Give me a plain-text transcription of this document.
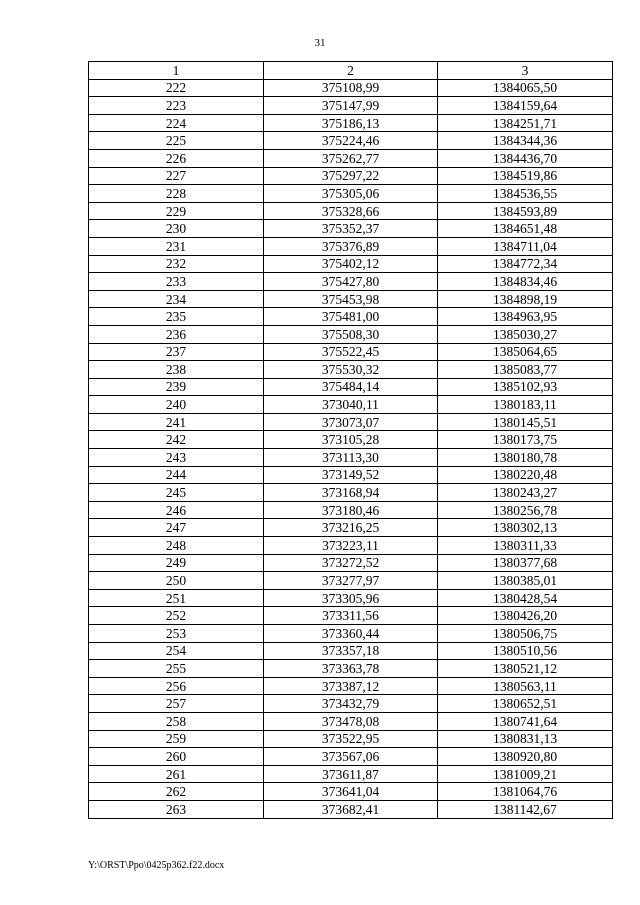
31
1	2	3
222	375108,99	1384065,50
223	375147,99	1384159,64
224	375186,13	1384251,71
225	375224,46	1384344,36
226	375262,77	1384436,70
227	375297,22	1384519,86
228	375305,06	1384536,55
229	375328,66	1384593,89
230	375352,37	1384651,48
231	375376,89	1384711,04
232	375402,12	1384772,34
233	375427,80	1384834,46
234	375453,98	1384898,19
235	375481,00	1384963,95
236	375508,30	1385030,27
237	375522,45	1385064,65
238	375530,32	1385083,77
239	375484,14	1385102,93
240	373040,11	1380183,11
241	373073,07	1380145,51
242	373105,28	1380173,75
243	373113,30	1380180,78
244	373149,52	1380220,48
245	373168,94	1380243,27
246	373180,46	1380256,78
247	373216,25	1380302,13
248	373223,11	1380311,33
249	373272,52	1380377,68
250	373277,97	1380385,01
251	373305,96	1380428,54
252	373311,56	1380426,20
253	373360,44	1380506,75
254	373357,18	1380510,56
255	373363,78	1380521,12
256	373387,12	1380563,11
257	373432,79	1380652,51
258	373478,08	1380741,64
259	373522,95	1380831,13
260	373567,06	1380920,80
261	373611,87	1381009,21
262	373641,04	1381064,76
263	373682,41	1381142,67
Y:\ORST\Ppo\0425p362.f22.docx
